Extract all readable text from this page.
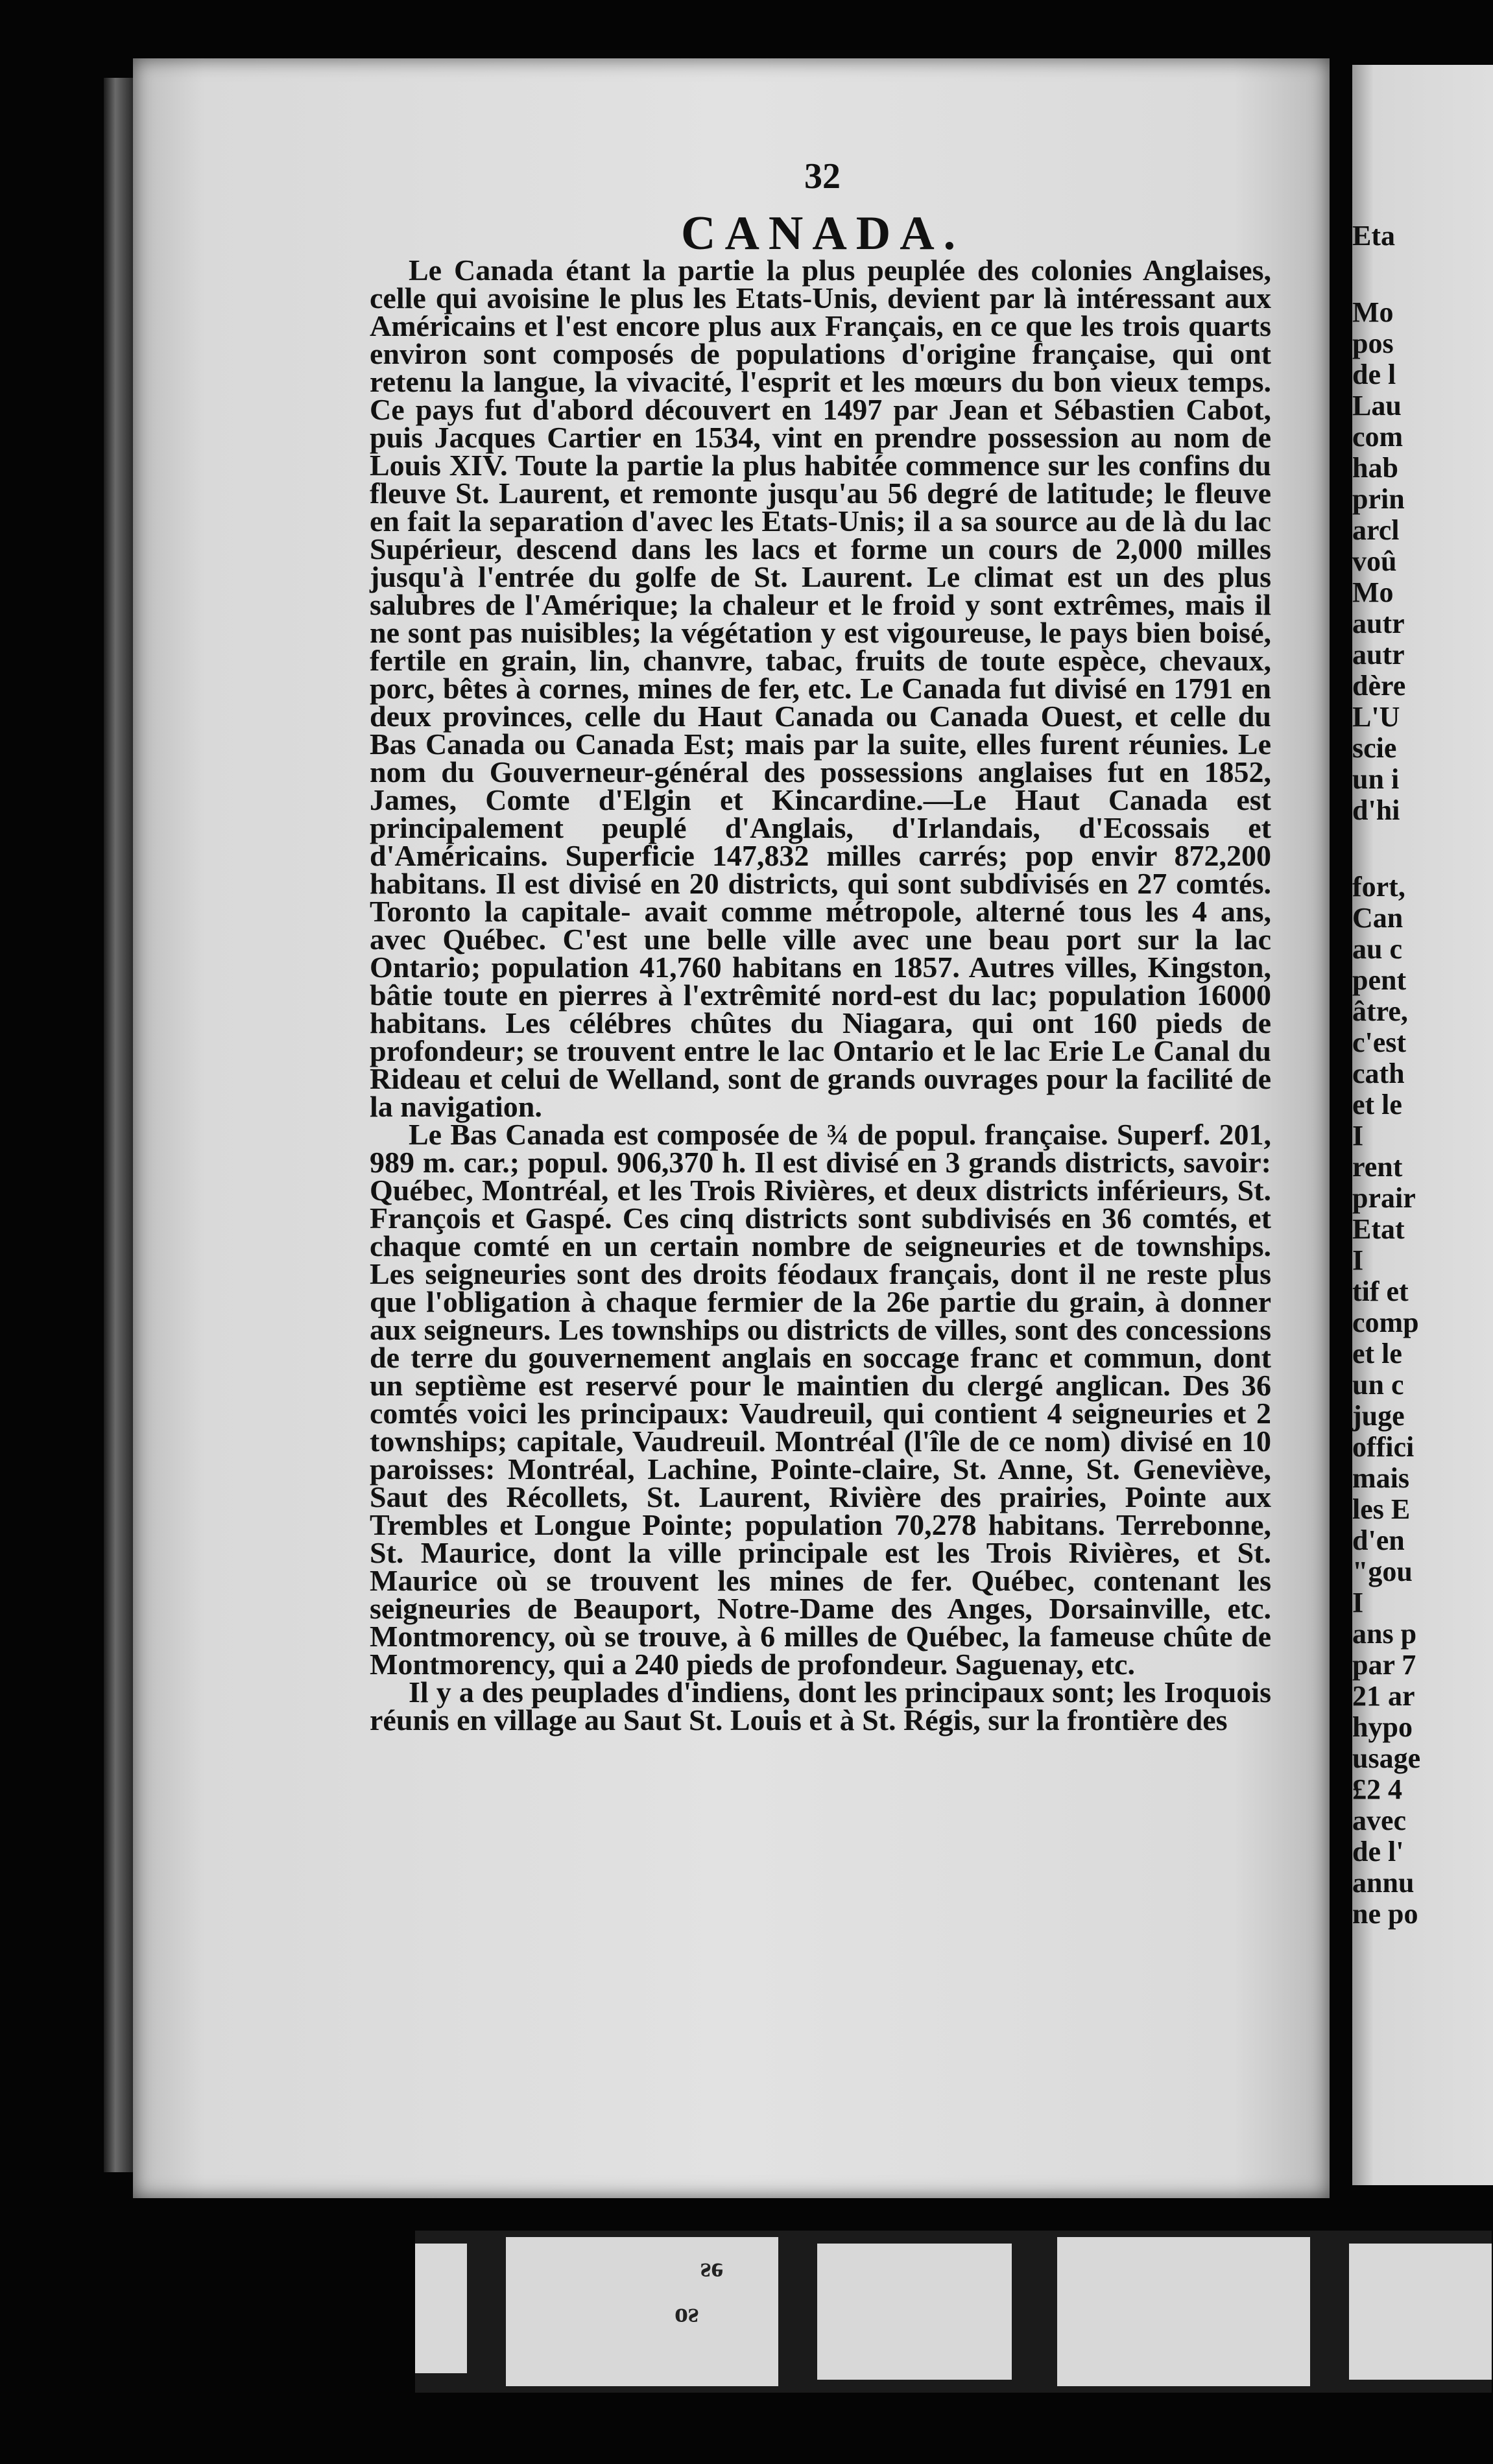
32
CANADA.

Le Canada étant la partie la plus peuplée des colonies Anglaises, celle qui avoisine le plus les Etats-Unis, devient par là intéressant aux Américains et l'est encore plus aux Français, en ce que les trois quarts environ sont composés de populations d'origine française, qui ont retenu la langue, la vivacité, l'esprit et les mœurs du bon vieux temps. Ce pays fut d'abord découvert en 1497 par Jean et Sébastien Cabot, puis Jacques Cartier en 1534, vint en prendre possession au nom de Louis XIV. Toute la partie la plus habitée commence sur les confins du fleuve St. Laurent, et remonte jusqu'au 56 degré de latitude; le fleuve en fait la separation d'avec les Etats-Unis; il a sa source au de là du lac Supérieur, descend dans les lacs et forme un cours de 2,000 milles jusqu'à l'entrée du golfe de St. Laurent. Le climat est un des plus salubres de l'Amérique; la chaleur et le froid y sont extrêmes, mais il ne sont pas nuisibles; la végétation y est vigoureuse, le pays bien boisé, fertile en grain, lin, chanvre, tabac, fruits de toute espèce, chevaux, porc, bêtes à cornes, mines de fer, etc. Le Canada fut divisé en 1791 en deux provinces, celle du Haut Canada ou Canada Ouest, et celle du Bas Canada ou Canada Est; mais par la suite, elles furent réunies. Le nom du Gouverneur-général des possessions anglaises fut en 1852, James, Comte d'Elgin et Kincardine.—Le Haut Canada est principalement peuplé d'Anglais, d'Irlandais, d'Ecossais et d'Américains. Superficie 147,832 milles carrés; pop envir 872,200 habitans. Il est divisé en 20 districts, qui sont subdivisés en 27 comtés. Toronto la capitale- avait comme métropole, alterné tous les 4 ans, avec Québec. C'est une belle ville avec une beau port sur la lac Ontario; population 41,760 habitans en 1857. Autres villes, Kingston, bâtie toute en pierres à l'extrêmité nord-est du lac; population 16000 habitans. Les célébres chûtes du Niagara, qui ont 160 pieds de profondeur; se trouvent entre le lac Ontario et le lac Erie Le Canal du Rideau et celui de Welland, sont de grands ouvrages pour la facilité de la navigation.

Le Bas Canada est composée de ¾ de popul. française. Superf. 201, 989 m. car.; popul. 906,370 h. Il est divisé en 3 grands districts, savoir: Québec, Montréal, et les Trois Rivières, et deux districts inférieurs, St. François et Gaspé. Ces cinq districts sont subdivisés en 36 comtés, et chaque comté en un certain nombre de seigneuries et de townships. Les seigneuries sont des droits féodaux français, dont il ne reste plus que l'obligation à chaque fermier de la 26e partie du grain, à donner aux seigneurs. Les townships ou districts de villes, sont des concessions de terre du gouvernement anglais en soccage franc et commun, dont un septième est reservé pour le maintien du clergé anglican. Des 36 comtés voici les principaux: Vaudreuil, qui contient 4 seigneuries et 2 townships; capitale, Vaudreuil. Montréal (l'île de ce nom) divisé en 10 paroisses: Montréal, Lachine, Pointe-claire, St. Anne, St. Geneviève, Saut des Récollets, St. Laurent, Rivière des prairies, Pointe aux Trembles et Longue Pointe; population 70,278 habitans. Terrebonne, St. Maurice, dont la ville principale est les Trois Rivières, et St. Maurice où se trouvent les mines de fer. Québec, contenant les seigneuries de Beauport, Notre-Dame des Anges, Dorsainville, etc. Montmorency, où se trouve, à 6 milles de Québec, la fameuse chûte de Montmorency, qui a 240 pieds de profondeur. Saguenay, etc.

Il y a des peuplades d'indiens, dont les principaux sont; les Iroquois réunis en village au Saut St. Louis et à St. Régis, sur la frontière des

Eta
Mo
pos
de l
Lau
com
hab
prin
arcl
voû
Mo
autr
autr
dère
L'U
scie
un i
d'hi
fort,
Can
au c
pent
âtre,
c'est
cath
et le
I
rent
prair
Etat
I
tif et
comp
et le
un c
juge
offici
mais
les E
d'en
"gou
I
ans p
par 7
21 ar
hypo
usage
£2 4
avec
de l'
annu
ne po
ɘƨ
ƨo
